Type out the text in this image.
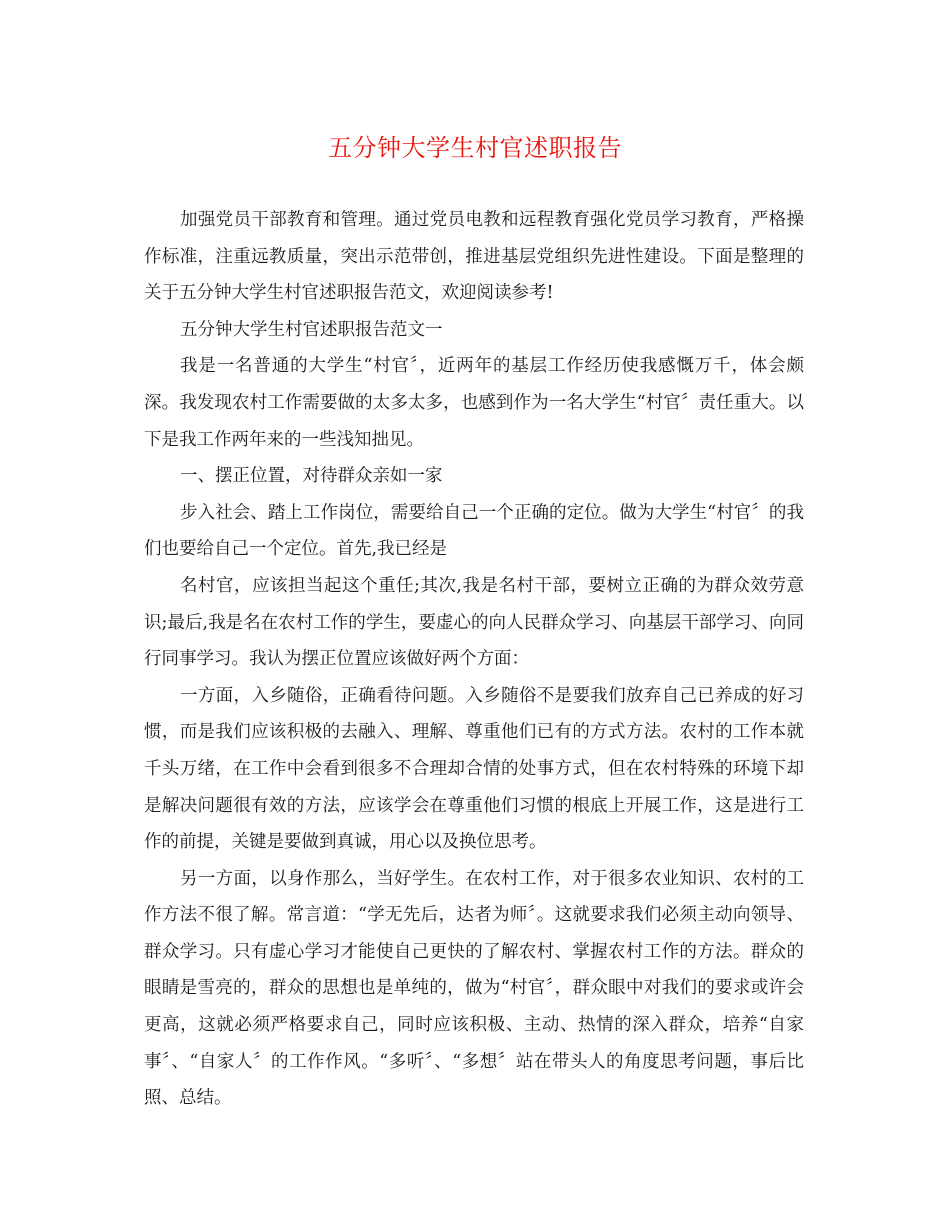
五分钟大学生村官述职报告

加强党员干部教育和管理。通过党员电教和远程教育强化党员学习教育，严格操作标准，注重远教质量，突出示范带创，推进基层党组织先进性建设。下面是整理的关于五分钟大学生村官述职报告范文，欢迎阅读参考!

五分钟大学生村官述职报告范文一

我是一名普通的大学生“村官〞，近两年的基层工作经历使我感慨万千，体会颇深。我发现农村工作需要做的太多太多，也感到作为一名大学生“村官〞责任重大。以下是我工作两年来的一些浅知拙见。

一、摆正位置，对待群众亲如一家

步入社会、踏上工作岗位，需要给自己一个正确的定位。做为大学生“村官〞的我们也要给自己一个定位。首先,我已经是

名村官，应该担当起这个重任;其次,我是名村干部，要树立正确的为群众效劳意识;最后,我是名在农村工作的学生，要虚心的向人民群众学习、向基层干部学习、向同行同事学习。我认为摆正位置应该做好两个方面：

一方面，入乡随俗，正确看待问题。入乡随俗不是要我们放弃自己已养成的好习惯，而是我们应该积极的去融入、理解、尊重他们已有的方式方法。农村的工作本就千头万绪，在工作中会看到很多不合理却合情的处事方式，但在农村特殊的环境下却是解决问题很有效的方法，应该学会在尊重他们习惯的根底上开展工作，这是进行工作的前提，关键是要做到真诚，用心以及换位思考。

另一方面，以身作那么，当好学生。在农村工作，对于很多农业知识、农村的工作方法不很了解。常言道：“学无先后，达者为师〞。这就要求我们必须主动向领导、群众学习。只有虚心学习才能使自己更快的了解农村、掌握农村工作的方法。群众的眼睛是雪亮的，群众的思想也是单纯的，做为“村官〞，群众眼中对我们的要求或许会更高，这就必须严格要求自己，同时应该积极、主动、热情的深入群众，培养“自家事〞、“自家人〞的工作作风。“多听〞、“多想〞站在带头人的角度思考问题，事后比照、总结。
